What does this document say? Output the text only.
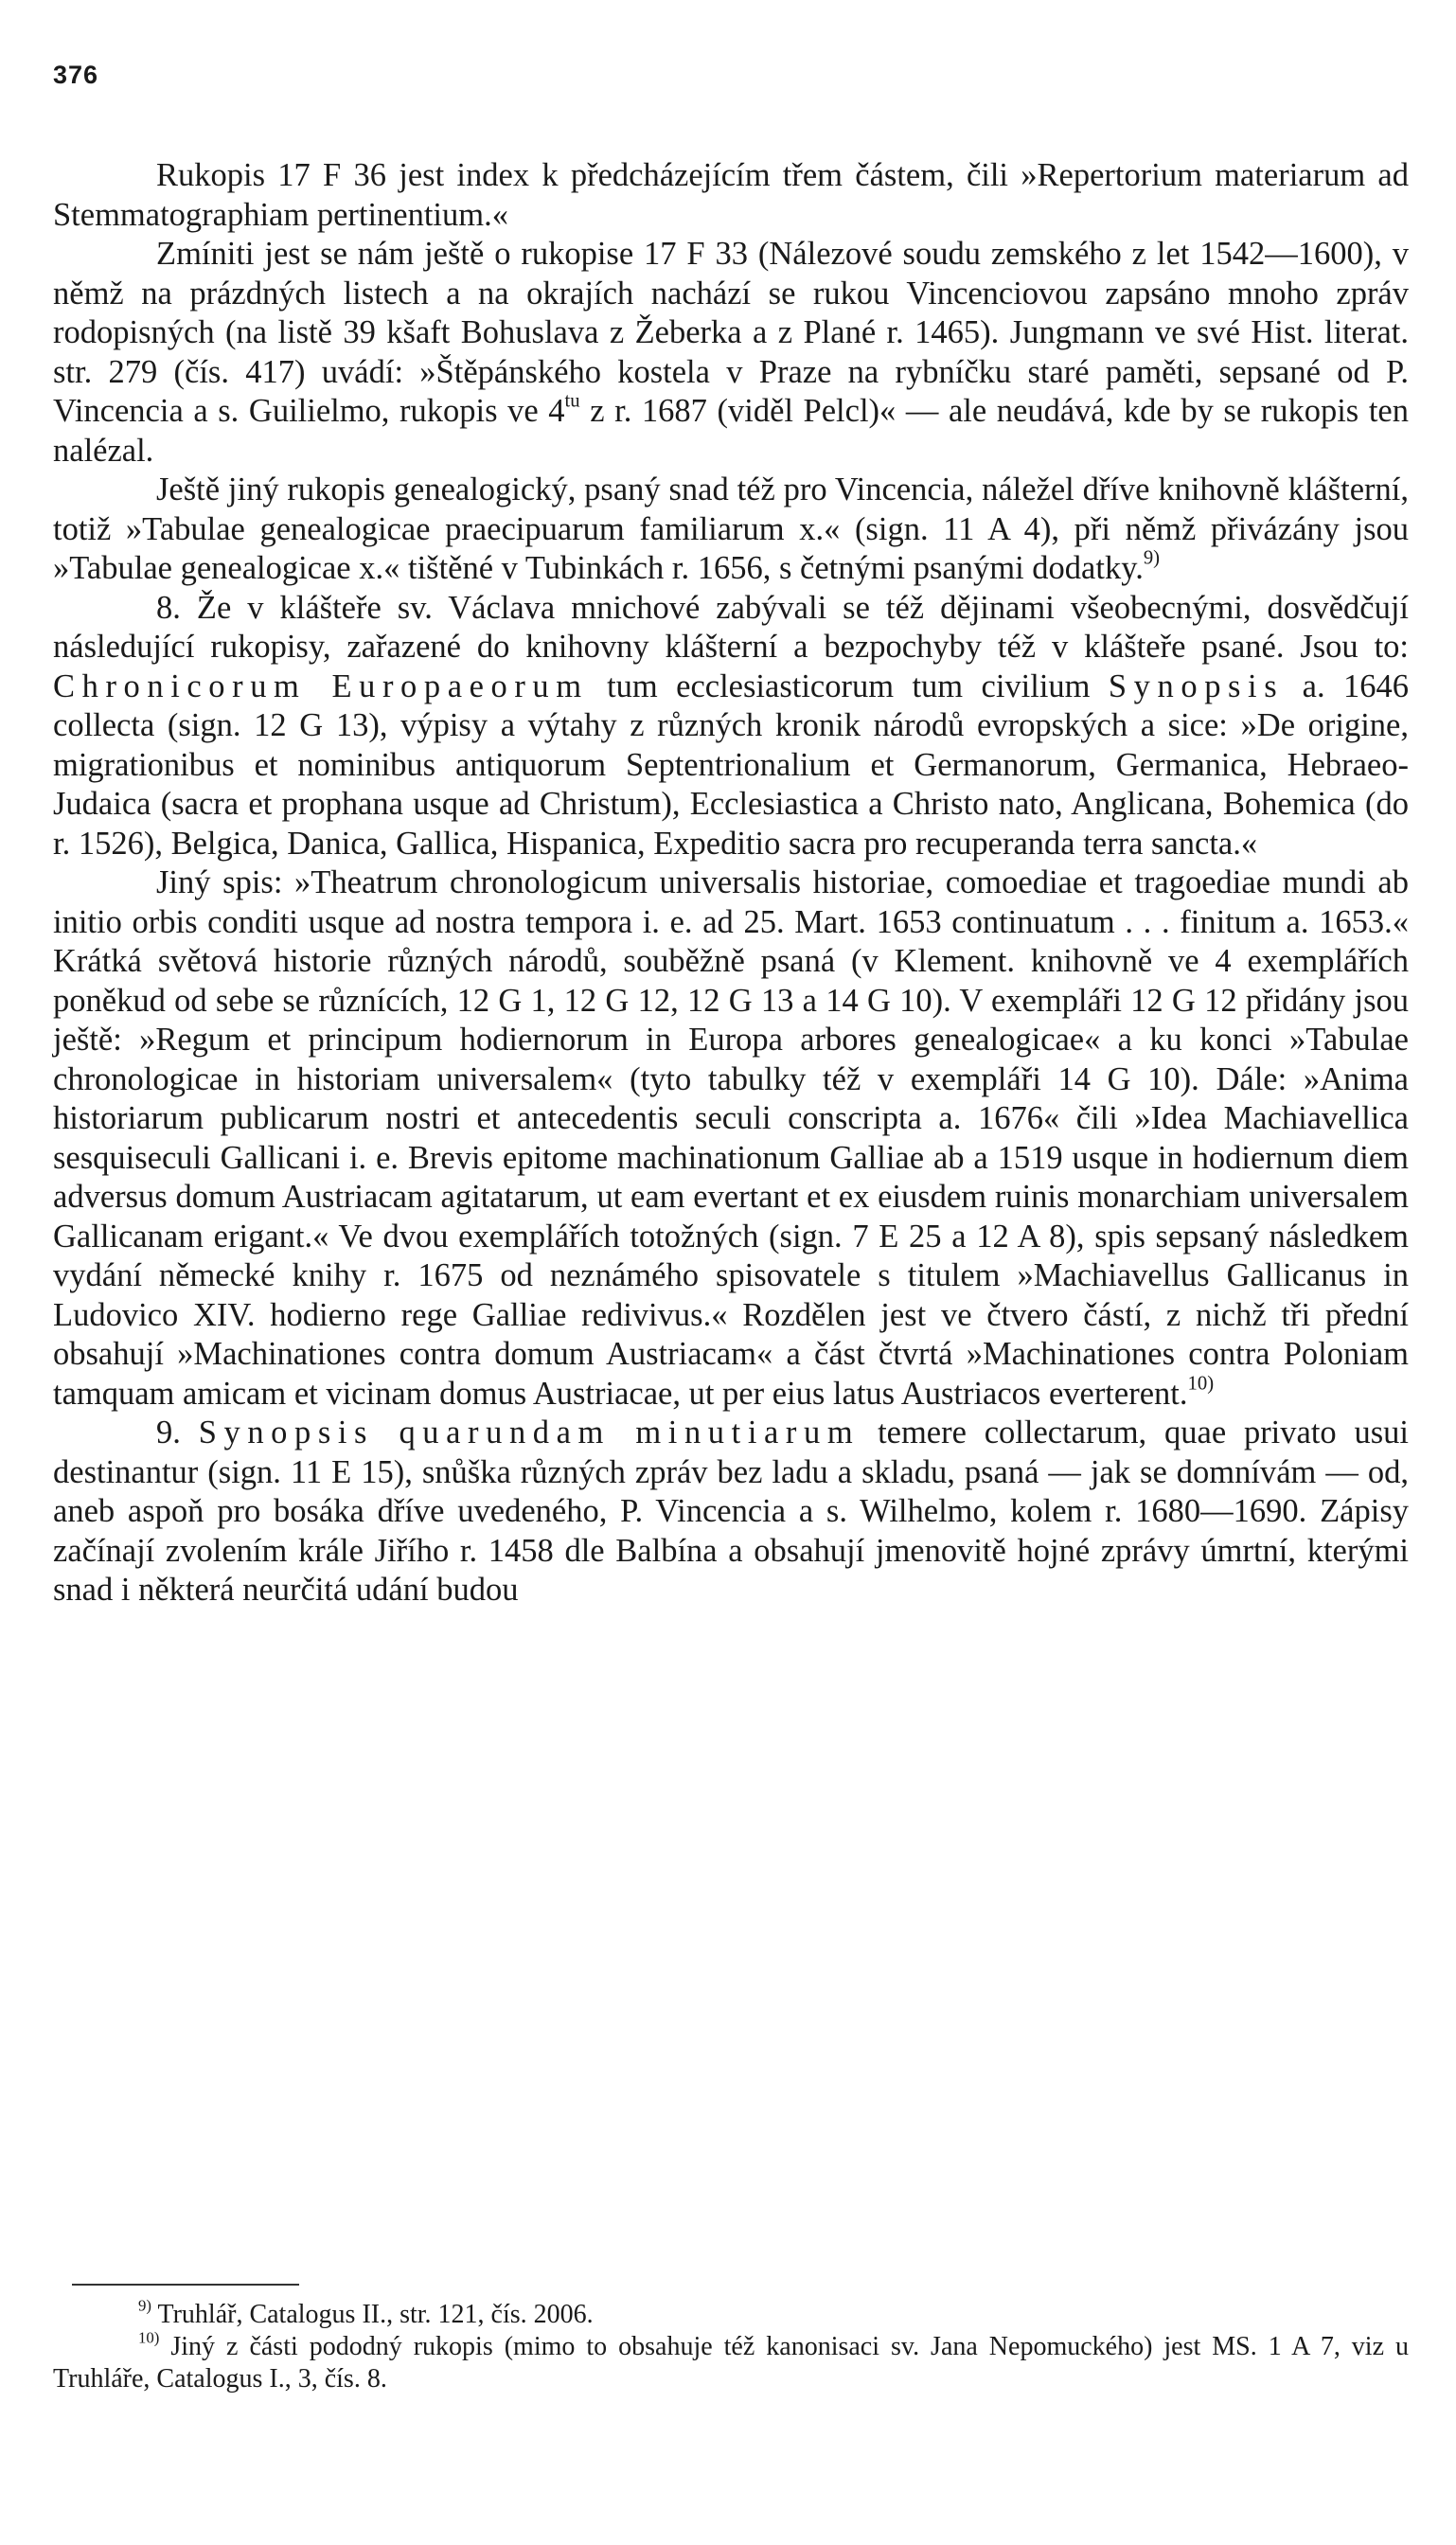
376

Rukopis 17 F 36 jest index k předcházejícím třem částem, čili »Repertorium materiarum ad Stemmatographiam pertinentium.«

Zmíniti jest se nám ještě o rukopise 17 F 33 (Nálezové soudu zemského z let 1542—1600), v němž na prázdných listech a na okrajích nachází se rukou Vincenciovou zapsáno mnoho zpráv rodopisných (na listě 39 kšaft Bohuslava z Žeberka a z Plané r. 1465). Jungmann ve své Hist. literat. str. 279 (čís. 417) uvádí: »Štěpánského kostela v Praze na rybníčku staré paměti, sepsané od P. Vincencia a s. Guilielmo, rukopis ve $4^{tu}$ z r. 1687 (viděl Pelcl)« — ale neudává, kde by se rukopis ten nalézal.

Ještě jiný rukopis genealogický, psaný snad též pro Vincencia, náležel dříve knihovně klášterní, totiž »Tabulae genealogicae praecipuarum familiarum x.« (sign. 11 A 4), při němž přivázány jsou »Tabulae genealogicae x.« tištěné v Tubinkách r. 1656, s četnými psanými dodatky.$^{9)}$

8. Že v klášteře sv. Václava mnichové zabývali se též dějinami všeobecnými, dosvědčují následující rukopisy, zařazené do knihovny klášterní a bezpochyby též v klášteře psané. Jsou to: Chronicorum Europaeorum tum ecclesiasticorum tum civilium Synopsis a. 1646 collecta (sign. 12 G 13), výpisy a výtahy z různých kronik národů evropských a sice: »De origine, migrationibus et nominibus antiquorum Septentrionalium et Germanorum, Germanica, Hebraeo-Judaica (sacra et prophana usque ad Christum), Ecclesiastica a Christo nato, Anglicana, Bohemica (do r. 1526), Belgica, Danica, Gallica, Hispanica, Expeditio sacra pro recuperanda terra sancta.«

Jiný spis: »Theatrum chronologicum universalis historiae, comoediae et tragoediae mundi ab initio orbis conditi usque ad nostra tempora i. e. ad 25. Mart. 1653 continuatum . . . finitum a. 1653.« Krátká světová historie různých národů, souběžně psaná (v Klement. knihovně ve 4 exemplářích poněkud od sebe se různících, 12 G 1, 12 G 12, 12 G 13 a 14 G 10). V exempláři 12 G 12 přidány jsou ještě: »Regum et principum hodiernorum in Europa arbores genealogicae« a ku konci »Tabulae chronologicae in historiam universalem« (tyto tabulky též v exempláři 14 G 10). Dále: »Anima historiarum publicarum nostri et antecedentis seculi conscripta a. 1676« čili »Idea Machiavellica sesquiseculi Gallicani i. e. Brevis epitome machinationum Galliae ab a 1519 usque in hodiernum diem adversus domum Austriacam agitatarum, ut eam evertant et ex eiusdem ruinis monarchiam universalem Gallicanam erigant.« Ve dvou exemplářích totožných (sign. 7 E 25 a 12 A 8), spis sepsaný následkem vydání německé knihy r. 1675 od neznámého spisovatele s titulem »Machiavellus Gallicanus in Ludovico XIV. hodierno rege Galliae redivivus.« Rozdělen jest ve čtvero částí, z nichž tři přední obsahují »Machinationes contra domum Austriacam« a část čtvrtá »Machinationes contra Poloniam tamquam amicam et vicinam domus Austriacae, ut per eius latus Austriacos everterent.$^{10)}$

9. Synopsis quarundam minutiarum temere collectarum, quae privato usui destinantur (sign. 11 E 15), snůška různých zpráv bez ladu a skladu, psaná — jak se domnívám — od, aneb aspoň pro bosáka dříve uvedeného, P. Vincencia a s. Wilhelmo, kolem r. 1680—1690. Zápisy začínají zvolením krále Jiřího r. 1458 dle Balbína a obsahují jmenovitě hojné zprávy úmrtní, kterými snad i některá neurčitá udání budou

$^{9)}$ Truhlář, Catalogus II., str. 121, čís. 2006.

$^{10)}$ Jiný z části pododný rukopis (mimo to obsahuje též kanonisaci sv. Jana Nepomuckého) jest MS. 1 A 7, viz u Truhláře, Catalogus I., 3, čís. 8.
